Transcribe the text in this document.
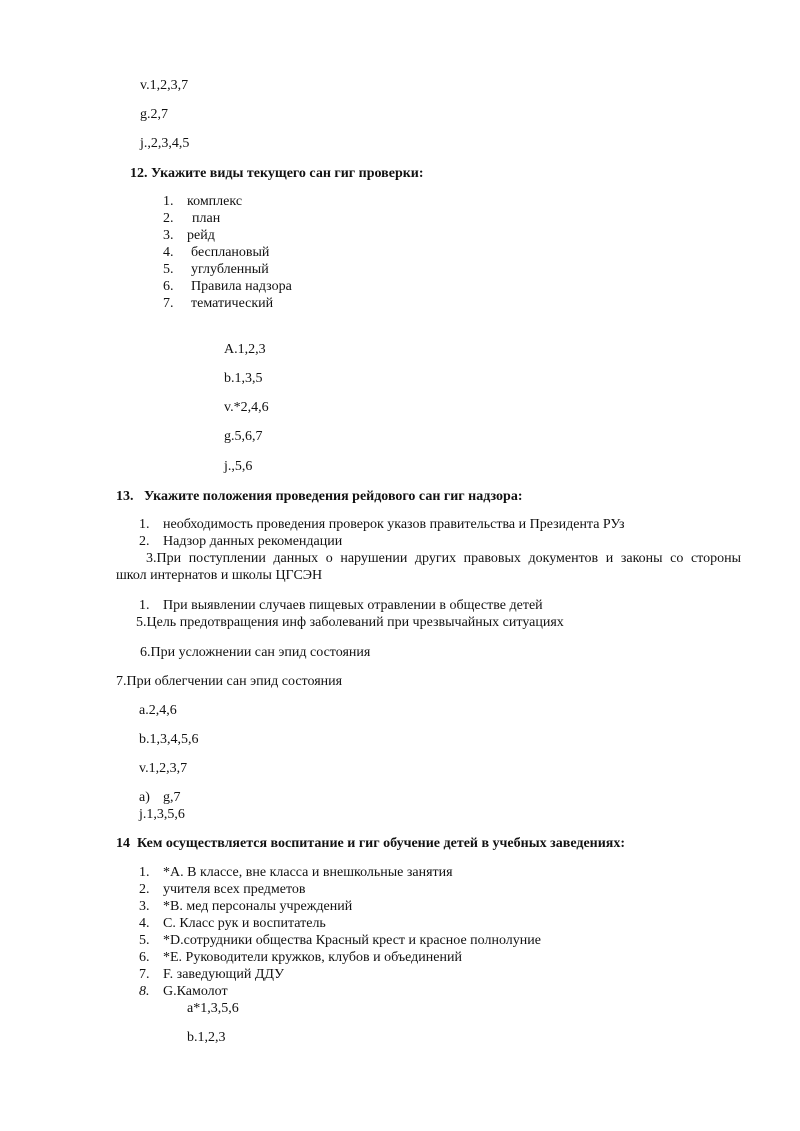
v.1,2,3,7
g.2,7
j.,2,3,4,5
12. Укажите виды текущего сан гиг проверки:
1. комплекс
2. план
3. рейд
4. бесплановый
5. углубленный
6. Правила надзора
7. тематический
A.1,2,3
b.1,3,5
v.*2,4,6
g.5,6,7
j.,5,6
13.   Укажите положения проведения рейдового сан гиг надзора:
1. необходимость проведения проверок указов правительства и Президента РУз
2. Надзор данных рекомендации
3.При поступлении данных о нарушении других правовых документов и законы со стороны
школ интернатов и школы ЦГСЭН
1. При выявлении случаев пищевых отравлении в обществе детей
5.Цель предотвращения инф заболеваний при чрезвычайных ситуациях
6.При усложнении сан эпид состояния
7.При облегчении сан эпид состояния
a.2,4,6
b.1,3,4,5,6
v.1,2,3,7
a) g,7
j.1,3,5,6
14  Кем осуществляется воспитание и гиг обучение детей в учебных заведениях:
1. *A. В классе, вне класса и внешкольные занятия
2. учителя всех предметов
3. *B. мед персоналы учреждений
4. C. Класс рук и воспитатель
5. *D.сотрудники общества Красный крест и красное полнолуние
6. *E. Руководители кружков, клубов и объединений
7. F. заведующий ДДУ
8. G.Камолот
a*1,3,5,6
b.1,2,3
